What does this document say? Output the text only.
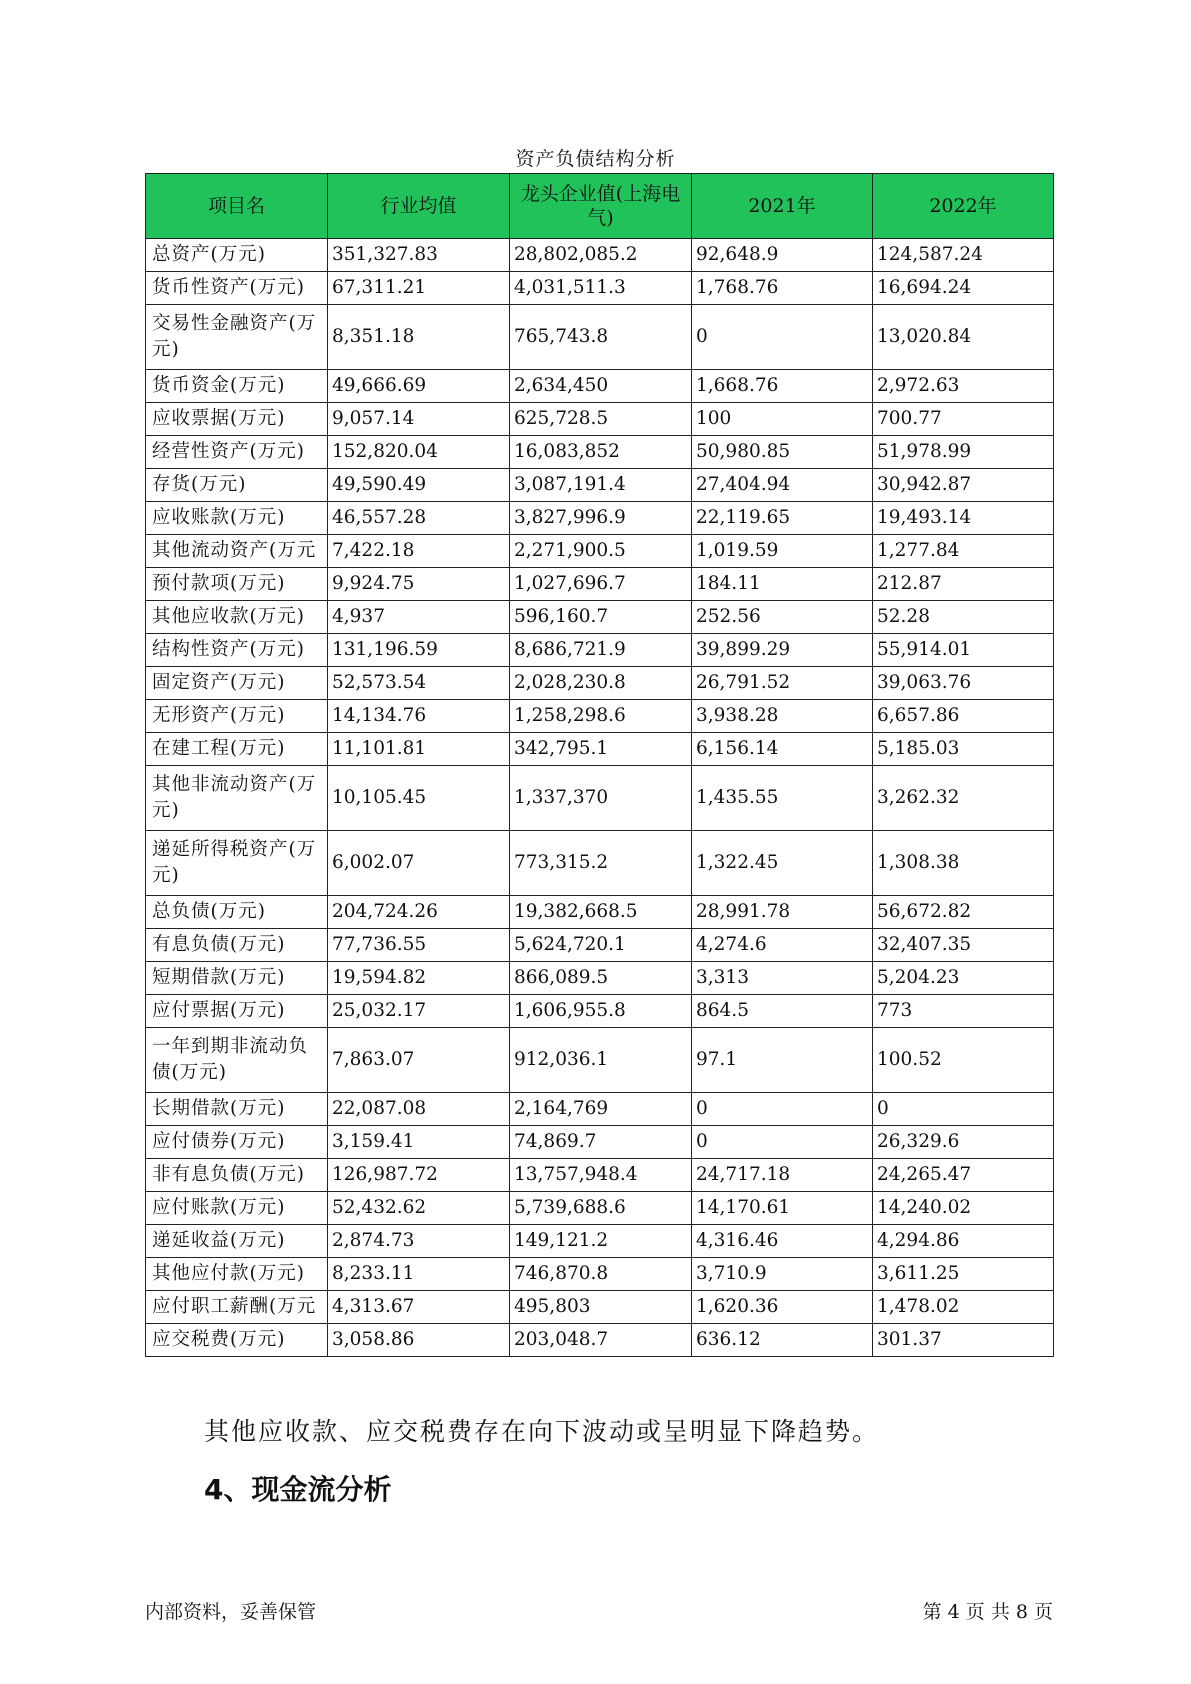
资产负债结构分析
项目名	行业均值	龙头企业值(上海电气)	2021年	2022年
总资产(万元)	351,327.83	28,802,085.2	92,648.9	124,587.24
货币性资产(万元)	67,311.21	4,031,511.3	1,768.76	16,694.24
交易性金融资产(万元)	8,351.18	765,743.8	0	13,020.84
货币资金(万元)	49,666.69	2,634,450	1,668.76	2,972.63
应收票据(万元)	9,057.14	625,728.5	100	700.77
经营性资产(万元)	152,820.04	16,083,852	50,980.85	51,978.99
存货(万元)	49,590.49	3,087,191.4	27,404.94	30,942.87
应收账款(万元)	46,557.28	3,827,996.9	22,119.65	19,493.14
其他流动资产(万元	7,422.18	2,271,900.5	1,019.59	1,277.84
预付款项(万元)	9,924.75	1,027,696.7	184.11	212.87
其他应收款(万元)	4,937	596,160.7	252.56	52.28
结构性资产(万元)	131,196.59	8,686,721.9	39,899.29	55,914.01
固定资产(万元)	52,573.54	2,028,230.8	26,791.52	39,063.76
无形资产(万元)	14,134.76	1,258,298.6	3,938.28	6,657.86
在建工程(万元)	11,101.81	342,795.1	6,156.14	5,185.03
其他非流动资产(万元)	10,105.45	1,337,370	1,435.55	3,262.32
递延所得税资产(万元)	6,002.07	773,315.2	1,322.45	1,308.38
总负债(万元)	204,724.26	19,382,668.5	28,991.78	56,672.82
有息负债(万元)	77,736.55	5,624,720.1	4,274.6	32,407.35
短期借款(万元)	19,594.82	866,089.5	3,313	5,204.23
应付票据(万元)	25,032.17	1,606,955.8	864.5	773
一年到期非流动负债(万元)	7,863.07	912,036.1	97.1	100.52
长期借款(万元)	22,087.08	2,164,769	0	0
应付债券(万元)	3,159.41	74,869.7	0	26,329.6
非有息负债(万元)	126,987.72	13,757,948.4	24,717.18	24,265.47
应付账款(万元)	52,432.62	5,739,688.6	14,170.61	14,240.02
递延收益(万元)	2,874.73	149,121.2	4,316.46	4,294.86
其他应付款(万元)	8,233.11	746,870.8	3,710.9	3,611.25
应付职工薪酬(万元	4,313.67	495,803	1,620.36	1,478.02
应交税费(万元)	3,058.86	203,048.7	636.12	301.37
其他应收款、应交税费存在向下波动或呈明显下降趋势。
4、现金流分析
内部资料，妥善保管	第 4 页 共 8 页
